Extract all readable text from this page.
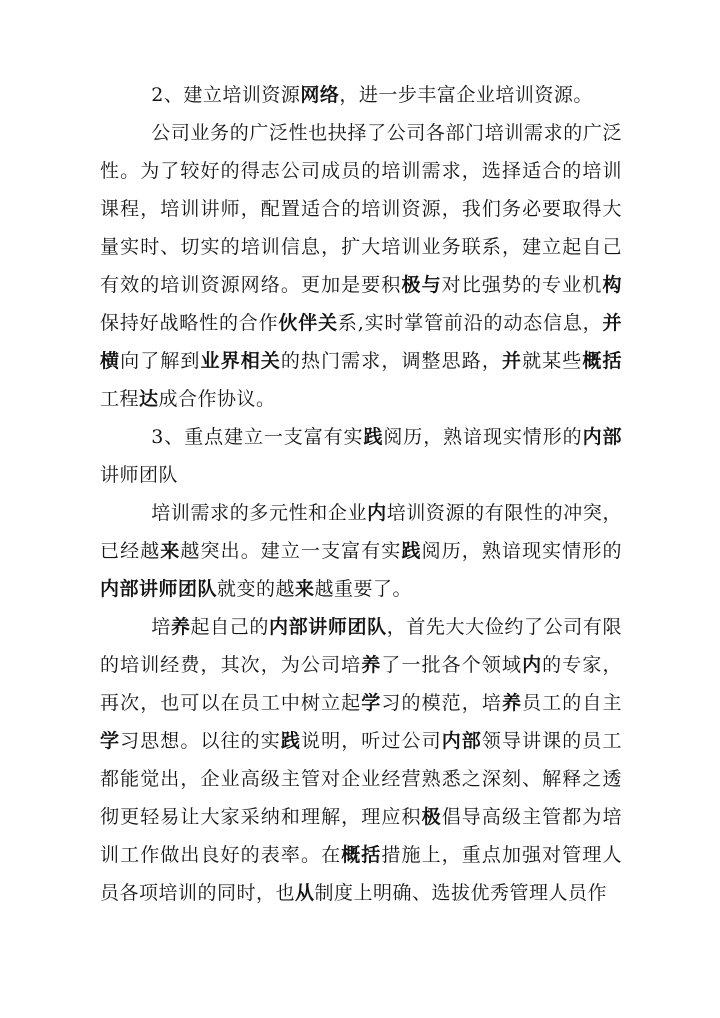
2、建立培训资源网络，进一步丰富企业培训资源。

公司业务的广泛性也抉择了公司各部门培训需求的广泛性。为了较好的得志公司成员的培训需求，选择适合的培训课程，培训讲师，配置适合的培训资源，我们务必要取得大量实时、切实的培训信息，扩大培训业务联系，建立起自己有效的培训资源网络。更加是要积极与对比强势的专业机构保持好战略性的合作伙伴关系,实时掌管前沿的动态信息，并横向了解到业界相关的热门需求，调整思路，并就某些概括工程达成合作协议。

3、重点建立一支富有实践阅历，熟谙现实情形的内部讲师团队

培训需求的多元性和企业内培训资源的有限性的冲突，已经越来越突出。建立一支富有实践阅历，熟谙现实情形的内部讲师团队就变的越来越重要了。

培养起自己的内部讲师团队，首先大大俭约了公司有限的培训经费，其次，为公司培养了一批各个领域内的专家，再次，也可以在员工中树立起学习的模范，培养员工的自主学习思想。以往的实践说明，听过公司内部领导讲课的员工都能觉出，企业高级主管对企业经营熟悉之深刻、解释之透彻更轻易让大家采纳和理解，理应积极倡导高级主管都为培训工作做出良好的表率。在概括措施上，重点加强对管理人员各项培训的同时，也从制度上明确、选拔优秀管理人员作
